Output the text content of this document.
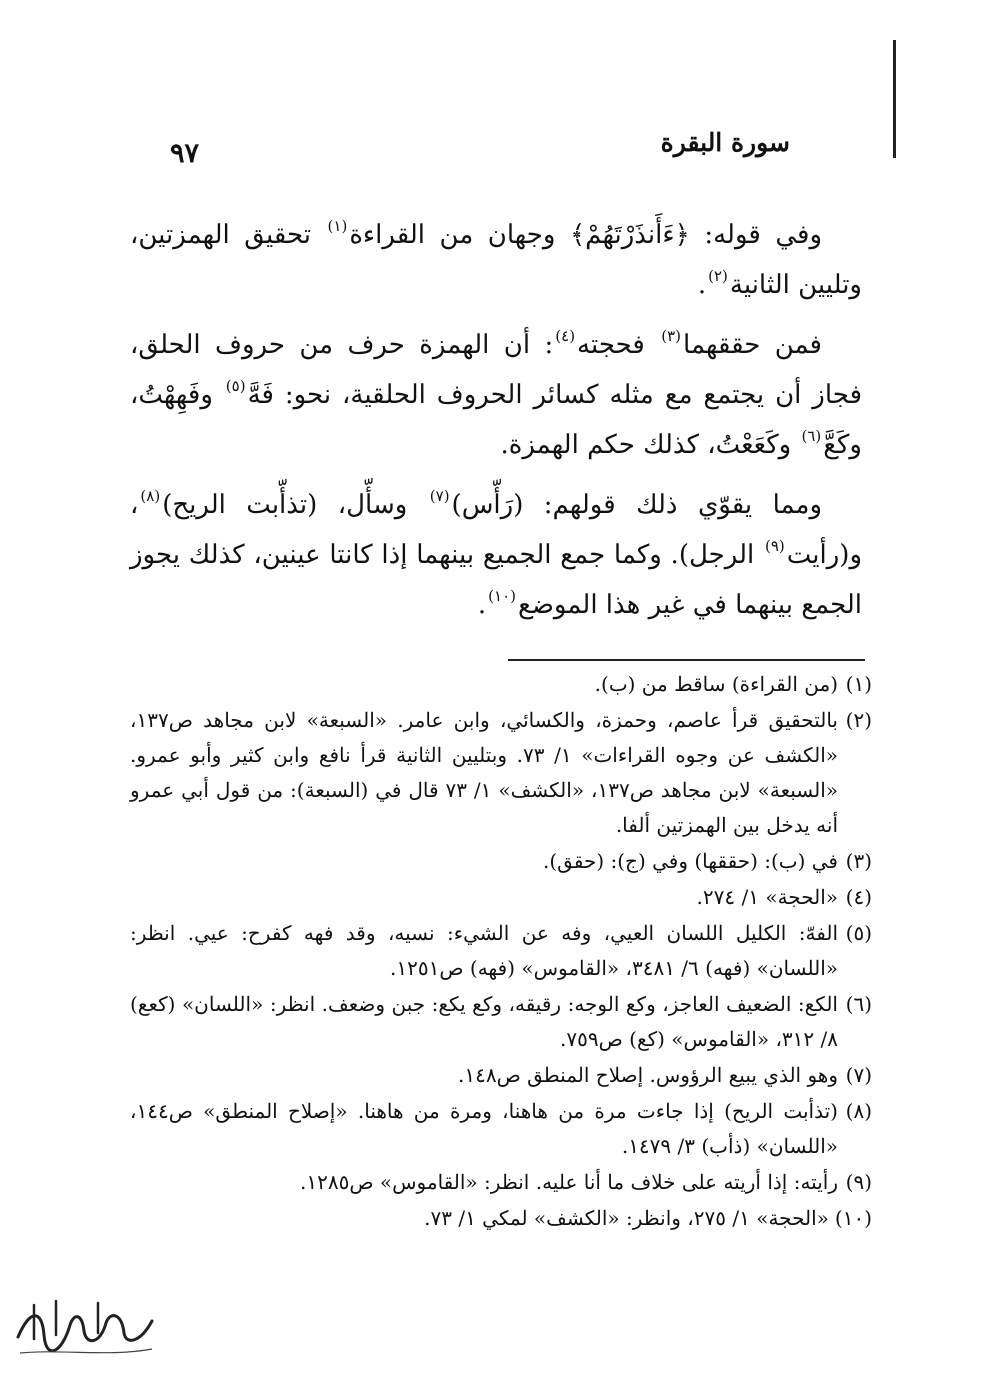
سورة البقرة
٩٧

وفي قوله: ﴿ءَأَنذَرْتَهُمْ﴾ وجهان من القراءة$^{(١)}$ تحقيق الهمزتين، وتليين الثانية$^{(٢)}$.

فمن حققهما$^{(٣)}$ فحجته$^{(٤)}$: أن الهمزة حرف من حروف الحلق، فجاز أن يجتمع مع مثله كسائر الحروف الحلقية، نحو: فَهَّ$^{(٥)}$ وفَهِهْتُ، وكَعَّ$^{(٦)}$ وكَعَعْتُ، كذلك حكم الهمزة.

ومما يقوّي ذلك قولهم: (رَأّس)$^{(٧)}$ وسأّل، (تذأّبت الريح)$^{(٨)}$، و(رأيت$^{(٩)}$ الرجل). وكما جمع الجميع بينهما إذا كانتا عينين، كذلك يجوز الجمع بينهما في غير هذا الموضع$^{(١٠)}$.

(١)
(من القراءة) ساقط من (ب).
(٢)
بالتحقيق قرأ عاصم، وحمزة، والكسائي، وابن عامر. «السبعة» لابن مجاهد ص١٣٧، «الكشف عن وجوه القراءات» ١/ ٧٣. وبتليين الثانية قرأ نافع وابن كثير وأبو عمرو. «السبعة» لابن مجاهد ص١٣٧، «الكشف» ١/ ٧٣ قال في (السبعة): من قول أبي عمرو أنه يدخل بين الهمزتين ألفا.
(٣)
في (ب): (حققها) وفي (ج): (حقق).
(٤)
«الحجة» ١/ ٢٧٤.
(٥)
الفهّ: الكليل اللسان العيي، وفه عن الشيء: نسيه، وقد فهه كفرح: عيي. انظر: «اللسان» (فهه) ٦/ ٣٤٨١، «القاموس» (فهه) ص١٢٥١.
(٦)
الكع: الضعيف العاجز، وكع الوجه: رقيقه، وكع يكع: جبن وضعف. انظر: «اللسان» (كعع) ٨/ ٣١٢، «القاموس» (كع) ص٧٥٩.
(٧)
وهو الذي يبيع الرؤوس. إصلاح المنطق ص١٤٨.
(٨)
(تذأبت الريح) إذا جاءت مرة من هاهنا، ومرة من هاهنا. «إصلاح المنطق» ص١٤٤، «اللسان» (ذأب) ٣/ ١٤٧٩.
(٩)
رأيته: إذا أريته على خلاف ما أنا عليه. انظر: «القاموس» ص١٢٨٥.
(١٠)
«الحجة» ١/ ٢٧٥، وانظر: «الكشف» لمكي ١/ ٧٣.
